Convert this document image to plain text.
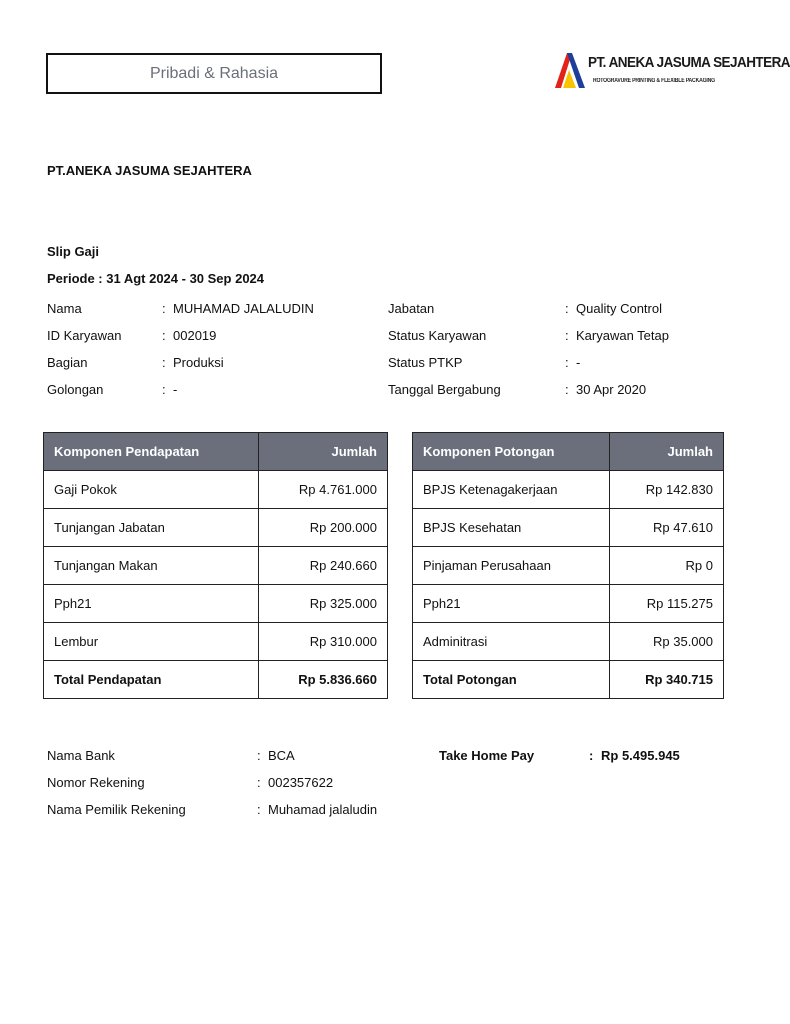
Pribadi & Rahasia
PT. ANEKA JASUMA SEJAHTERA
ROTOGRAVURE PRINTING & FLEXIBLE PACKAGING
PT.ANEKA JASUMA SEJAHTERA
Slip Gaji
Periode : 31 Agt 2024 - 30 Sep 2024
Nama	: MUHAMAD JALALUDIN
ID Karyawan	: 002019
Bagian	: Produksi
Golongan	: -
Jabatan	: Quality Control
Status Karyawan	: Karyawan Tetap
Status PTKP	: -
Tanggal Bergabung	: 30 Apr 2020
Komponen Pendapatan	Jumlah
Gaji Pokok	Rp 4.761.000
Tunjangan Jabatan	Rp 200.000
Tunjangan Makan	Rp 240.660
Pph21	Rp 325.000
Lembur	Rp 310.000
Total Pendapatan	Rp 5.836.660
Komponen Potongan	Jumlah
BPJS Ketenagakerjaan	Rp 142.830
BPJS Kesehatan	Rp 47.610
Pinjaman Perusahaan	Rp 0
Pph21	Rp 115.275
Adminitrasi	Rp 35.000
Total Potongan	Rp 340.715
Nama Bank	: BCA
Nomor Rekening	: 002357622
Nama Pemilik Rekening	: Muhamad jalaludin
Take Home Pay	: Rp 5.495.945
